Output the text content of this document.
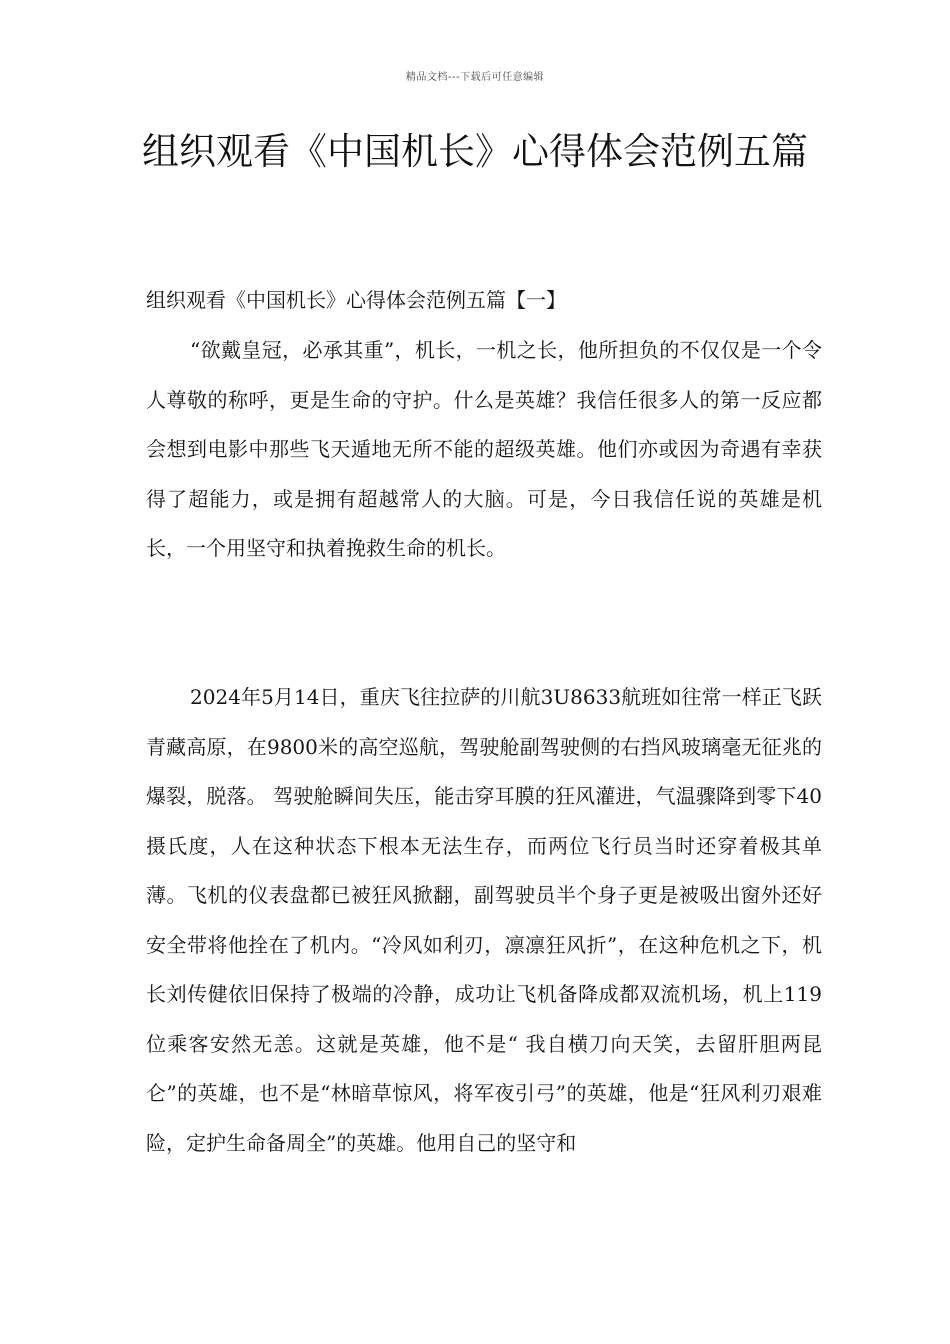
精品文档---下载后可任意编辑
组织观看《中国机长》心得体会范例五篇

组织观看《中国机长》心得体会范例五篇【一】

“欲戴皇冠，必承其重”，机长，一机之长，他所担负的不仅仅是一个令人尊敬的称呼，更是生命的守护。什么是英雄？我信任很多人的第一反应都会想到电影中那些飞天遁地无所不能的超级英雄。他们亦或因为奇遇有幸获得了超能力，或是拥有超越常人的大脑。可是，今日我信任说的英雄是机长，一个用坚守和执着挽救生命的机长。

2024年5月14日，重庆飞往拉萨的川航3U8633航班如往常一样正飞跃青藏高原，在9800米的高空巡航，驾驶舱副驾驶侧的右挡风玻璃毫无征兆的爆裂，脱落。 驾驶舱瞬间失压，能击穿耳膜的狂风灌进，气温骤降到零下40摄氏度，人在这种状态下根本无法生存，而两位飞行员当时还穿着极其单薄。飞机的仪表盘都已被狂风掀翻，副驾驶员半个身子更是被吸出窗外还好安全带将他拴在了机内。“冷风如利刃，凛凛狂风折”，在这种危机之下，机长刘传健依旧保持了极端的冷静，成功让飞机备降成都双流机场，机上119位乘客安然无恙。这就是英雄，他不是“ 我自横刀向天笑，去留肝胆两昆仑”的英雄，也不是“林暗草惊风，将军夜引弓”的英雄，他是“狂风利刃艰难险，定护生命备周全”的英雄。他用自己的坚守和
